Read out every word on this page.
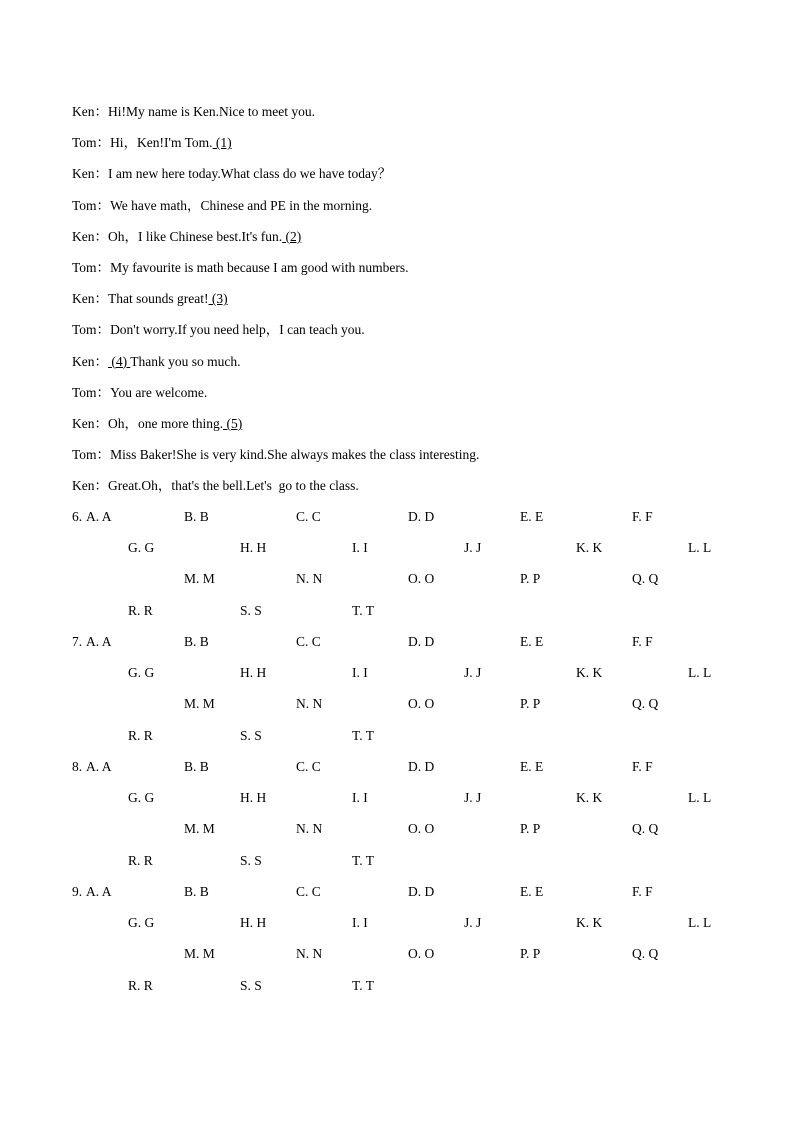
Ken：Hi!My name is Ken.Nice to meet you.
Tom：Hi，Ken!I'm Tom. (1)
Ken：I am new here today.What class do we have today？
Tom：We have math，Chinese and PE in the morning.
Ken：Oh，I like Chinese best.It's fun. (2)
Tom：My favourite is math because I am good with numbers.
Ken：That sounds great! (3)
Tom：Don't worry.If you need help，I can teach you.
Ken： (4) Thank you so much.
Tom：You are welcome.
Ken：Oh，one more thing. (5)
Tom：Miss Baker!She is very kind.She always makes the class interesting.
Ken：Great.Oh，that's the bell.Let's  go to the class.
6. A. A	B. B	C. C	D. D	E. E	F. F
G. G	H. H	I. I	J. J	K. K	L. L
M. M	N. N	O. O	P. P	Q. Q
R. R	S. S	T. T
7. A. A	B. B	C. C	D. D	E. E	F. F
G. G	H. H	I. I	J. J	K. K	L. L
M. M	N. N	O. O	P. P	Q. Q
R. R	S. S	T. T
8. A. A	B. B	C. C	D. D	E. E	F. F
G. G	H. H	I. I	J. J	K. K	L. L
M. M	N. N	O. O	P. P	Q. Q
R. R	S. S	T. T
9. A. A	B. B	C. C	D. D	E. E	F. F
G. G	H. H	I. I	J. J	K. K	L. L
M. M	N. N	O. O	P. P	Q. Q
R. R	S. S	T. T
